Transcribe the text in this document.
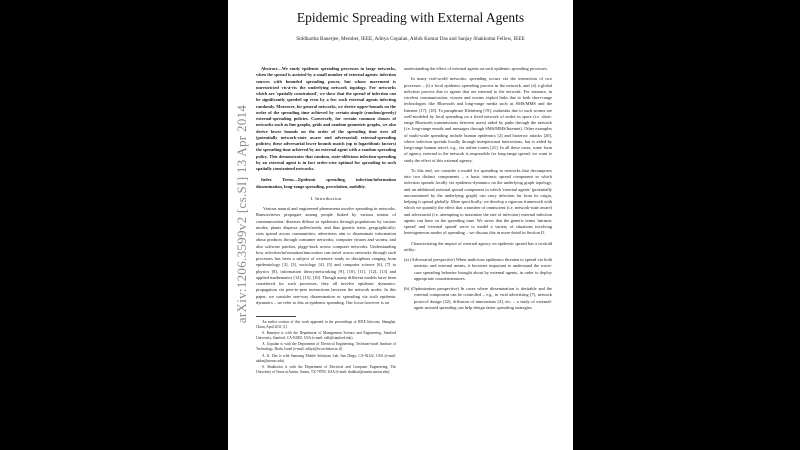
arXiv:1206.3599v2 [cs.SI] 13 Apr 2014
Epidemic Spreading with External Agents
Siddhartha Banerjee, Member, IEEE, Aditya Gopalan, Abhik Kumar Das and Sanjay Shakkottai Fellow, IEEE

Abstract—We study epidemic spreading processes in large networks, when the spread is assisted by a small number of external agents: infection sources with bounded spreading power, but whose movement is unrestricted vis-à-vis the underlying network topology. For networks which are 'spatially constrained', we show that the spread of infection can be significantly speeded up even by a few such external agents infecting randomly. Moreover, for general networks, we derive upper-bounds on the order of the spreading time achieved by certain simple (random/greedy) external-spreading policies. Conversely, for certain common classes of networks such as line graphs, grids and random geometric graphs, we also derive lower bounds on the order of the spreading time over all (potentially network-state aware and adversarial) external-spreading policies; these adversarial lower bounds match (up to logarithmic factors) the spreading time achieved by an external agent with a random spreading policy. This demonstrates that random, state-oblivious infection-spreading by an external agent is in fact order-wise optimal for spreading in such spatially constrained networks.

Index Terms—Epidemic spreading, infection/information dissemination, long-range spreading, percolation, mobility.

I. Introduction

Various natural and engineered phenomena involve spreading in networks. Rumors/news propagate among people linked by various means of communication; diseases diffuse as epidemics through populations by various modes; plants disperse pollen/seeds, and thus genetic traits, geographically; riots spread across communities; advertisers aim to disseminate information about products through consumer networks; computer viruses and worms, and also software patches, piggy-back across computer networks. Understanding how infection/information/innovation can travel across networks through such processes has been a subject of extensive study in disciplines ranging from epidemiology [2], [3], sociology [4], [5] and computer science [6], [7] to physics [8], information theory/networking [9], [10], [11], [12], [13] and applied mathematics [14], [15], [16]. Though many different models have been considered for such processes, they all involve epidemic dynamics: propagation via peer-to-peer interactions between the network nodes. In this paper, we consider one-way dissemination or spreading via such epidemic dynamics – we refer to this as epidemic spreading. Our focus however is on

An earlier version of this work appeared in the proceedings of IEEE Infocom, Shanghai, China, April 2011 [1].

S. Banerjee is with the Department of Management Science and Engineering, Stanford University, Stanford, CA-94305, USA (e-mail: sidb@stanford.edu).

A. Gopalan is with the Department of Electrical Engineering, Technion-Israel Institute of Technology, Haifa, Israel (e-mail: aditya@ee.technion.ac.il).

A. K. Das is with Samsung Mobile Solutions Lab, San Diego, CA-92122, USA (e-mail: akdas@utexas.edu).

S. Shakkottai is with the Department of Electrical and Computer Engineering, The University of Texas at Austin, Austin, TX-78705, USA (e-mail: shakkott@austin.utexas.edu).

understanding the effect of external agents on such epidemic spreading processes.

In many real-world networks, spreading occurs via the interaction of two processes – (i) a local epidemic spreading process in the network, and (ii) a global infection process due to agents that are external to the network. For instance, in wireless communication, viruses and worms exploit links due to both short-range technologies like Bluetooth and long-range media such as SMS/MMS and the Internet [17], [18]. To paraphrase Kleinberg [19], outbreaks due to such worms are well-modeled by local spreading on a fixed network of nodes in space (i.e. short-range Bluetooth transmissions between users) aided by paths through the network (i.e. long-range emails and messages through SMS/MMS/Internet). Other examples of multi-scale spreading include human epidemics [2] and bioterror attacks [20], where infection spreads locally through interpersonal interactions, but is aided by long-range human travel, e.g., via airline routes [21]. In all these cases, some form of agency external to the network is responsible for long-range spread; we want to study the effect of this external agency.

To this end, we consider a model for spreading in networks that decomposes into two distinct components – a basic intrinsic spread component in which infection spreads locally via epidemic-dynamics on the underlying graph topology, and an additional external spread component in which 'external agents' (potentially unconstrained by the underlying graph) can carry infection far from its origin, helping it spread globally. More specifically, we develop a rigorous framework with which we quantify the effect that a number of omniscient (i.e. network-state aware) and adversarial (i.e. attempting to maximize the rate of infection) external infection agents can have on the spreading time. We stress that the generic terms 'intrinsic spread' and 'external spread' serve to model a variety of situations involving heterogeneous modes of spreading – we discuss this in more detail in Section II.

Characterizing the impact of external agency on epidemic spread has a twofold utility:

(a) (Adversarial perspective) When malicious epidemics threaten to spread via both intrinsic and external means, it becomes important to understand the worst-case spreading behavior brought about by external agents, in order to deploy appropriate countermeasures.

(b) (Optimization perspective) In cases where dissemination is desirable and the external component can be controlled – e.g., in viral advertising [7], network protocol design [22], diffusion of innovations [4], etc. – a study of external-agent assisted spreading can help design faster spreading strategies.
